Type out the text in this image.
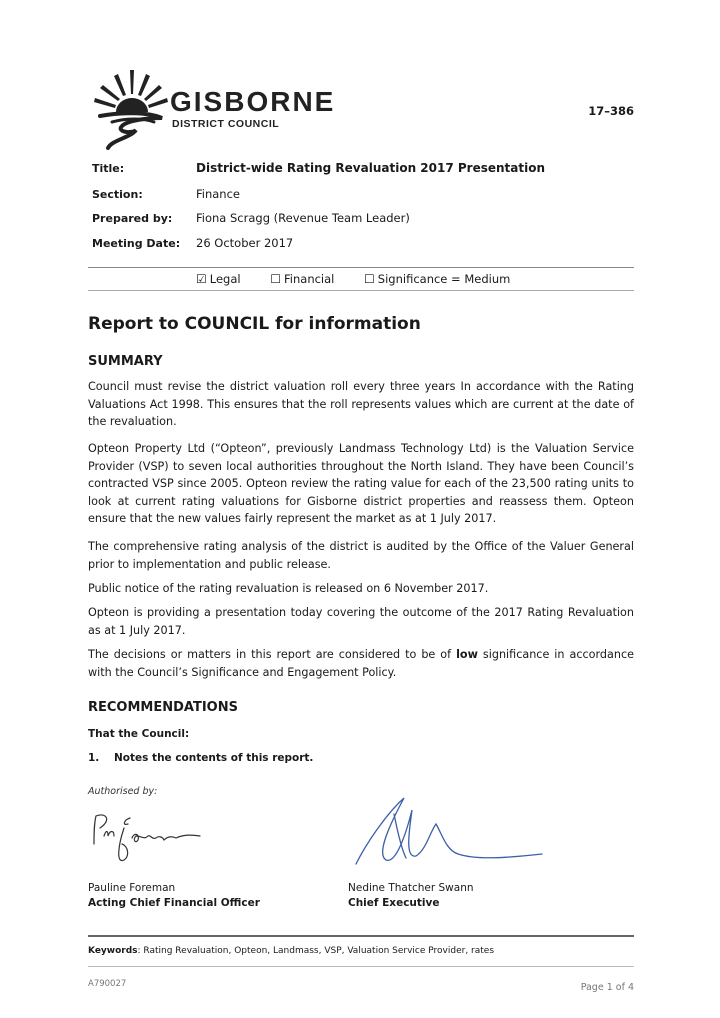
GISBORNE
DISTRICT COUNCIL
17–386
Title:	District-wide Rating Revaluation 2017 Presentation
Section:	Finance
Prepared by: Fiona Scragg (Revenue Team Leader)
Meeting Date: 26 October 2017
☑ Legal ☐ Financial ☐ Significance = Medium
Report to COUNCIL for information
SUMMARY
Council must revise the district valuation roll every three years In accordance with the Rating Valuations Act 1998. This ensures that the roll represents values which are current at the date of the revaluation.
Opteon Property Ltd (“Opteon”, previously Landmass Technology Ltd) is the Valuation Service Provider (VSP) to seven local authorities throughout the North Island. They have been Council’s contracted VSP since 2005. Opteon review the rating value for each of the 23,500 rating units to look at current rating valuations for Gisborne district properties and reassess them. Opteon ensure that the new values fairly represent the market as at 1 July 2017.
The comprehensive rating analysis of the district is audited by the Office of the Valuer General prior to implementation and public release.
Public notice of the rating revaluation is released on 6 November 2017.
Opteon is providing a presentation today covering the outcome of the 2017 Rating Revaluation as at 1 July 2017.
The decisions or matters in this report are considered to be of low significance in accordance with the Council’s Significance and Engagement Policy.
RECOMMENDATIONS
That the Council:
1. Notes the contents of this report.
Authorised by:
Pauline Foreman
Acting Chief Financial Officer
Nedine Thatcher Swann
Chief Executive
Keywords: Rating Revaluation, Opteon, Landmass, VSP, Valuation Service Provider, rates
A790027	Page 1 of 4
